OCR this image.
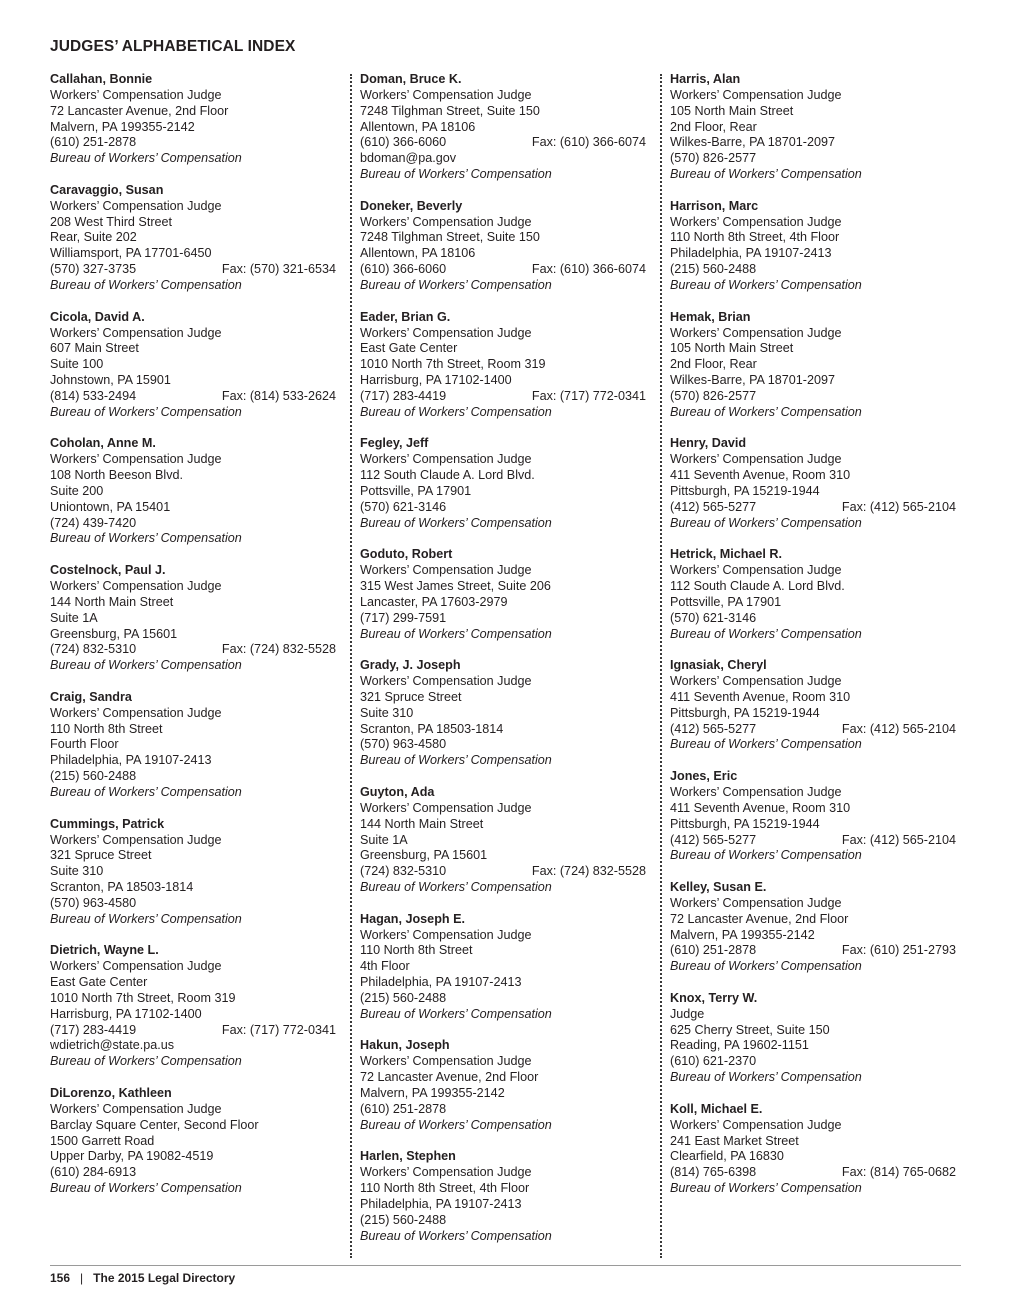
JUDGES’ ALPHABETICAL INDEX
Callahan, Bonnie
Workers’ Compensation Judge
72 Lancaster Avenue, 2nd Floor
Malvern, PA 199355-2142
(610) 251-2878
Bureau of Workers’ Compensation
Caravaggio, Susan
Workers’ Compensation Judge
208 West Third Street
Rear, Suite 202
Williamsport, PA 17701-6450
(570) 327-3735	Fax: (570) 321-6534
Bureau of Workers’ Compensation
Cicola, David A.
Workers’ Compensation Judge
607 Main Street
Suite 100
Johnstown, PA 15901
(814) 533-2494	Fax: (814) 533-2624
Bureau of Workers’ Compensation
Coholan, Anne M.
Workers’ Compensation Judge
108 North Beeson Blvd.
Suite 200
Uniontown, PA 15401
(724) 439-7420
Bureau of Workers’ Compensation
Costelnock, Paul J.
Workers’ Compensation Judge
144 North Main Street
Suite 1A
Greensburg, PA 15601
(724) 832-5310	Fax: (724) 832-5528
Bureau of Workers’ Compensation
Craig, Sandra
Workers’ Compensation Judge
110 North 8th Street
Fourth Floor
Philadelphia, PA 19107-2413
(215) 560-2488
Bureau of Workers’ Compensation
Cummings, Patrick
Workers’ Compensation Judge
321 Spruce Street
Suite 310
Scranton, PA 18503-1814
(570) 963-4580
Bureau of Workers’ Compensation
Dietrich, Wayne L.
Workers’ Compensation Judge
East Gate Center
1010 North 7th Street, Room 319
Harrisburg, PA 17102-1400
(717) 283-4419	Fax: (717) 772-0341
wdietrich@state.pa.us
Bureau of Workers’ Compensation
DiLorenzo, Kathleen
Workers’ Compensation Judge
Barclay Square Center, Second Floor
1500 Garrett Road
Upper Darby, PA 19082-4519
(610) 284-6913
Bureau of Workers’ Compensation
Doman, Bruce K.
Workers’ Compensation Judge
7248 Tilghman Street, Suite 150
Allentown, PA 18106
(610) 366-6060	Fax: (610) 366-6074
bdoman@pa.gov
Bureau of Workers’ Compensation
Doneker, Beverly
Workers’ Compensation Judge
7248 Tilghman Street, Suite 150
Allentown, PA 18106
(610) 366-6060	Fax: (610) 366-6074
Bureau of Workers’ Compensation
Eader, Brian G.
Workers’ Compensation Judge
East Gate Center
1010 North 7th Street, Room 319
Harrisburg, PA 17102-1400
(717) 283-4419	Fax: (717) 772-0341
Bureau of Workers’ Compensation
Fegley, Jeff
Workers’ Compensation Judge
112 South Claude A. Lord Blvd.
Pottsville, PA 17901
(570) 621-3146
Bureau of Workers’ Compensation
Goduto, Robert
Workers’ Compensation Judge
315 West James Street, Suite 206
Lancaster, PA 17603-2979
(717) 299-7591
Bureau of Workers’ Compensation
Grady, J. Joseph
Workers’ Compensation Judge
321 Spruce Street
Suite 310
Scranton, PA 18503-1814
(570) 963-4580
Bureau of Workers’ Compensation
Guyton, Ada
Workers’ Compensation Judge
144 North Main Street
Suite 1A
Greensburg, PA 15601
(724) 832-5310	Fax: (724) 832-5528
Bureau of Workers’ Compensation
Hagan, Joseph E.
Workers’ Compensation Judge
110 North 8th Street
4th Floor
Philadelphia, PA 19107-2413
(215) 560-2488
Bureau of Workers’ Compensation
Hakun, Joseph
Workers’ Compensation Judge
72 Lancaster Avenue, 2nd Floor
Malvern, PA 199355-2142
(610) 251-2878
Bureau of Workers’ Compensation
Harlen, Stephen
Workers’ Compensation Judge
110 North 8th Street, 4th Floor
Philadelphia, PA 19107-2413
(215) 560-2488
Bureau of Workers’ Compensation
Harris, Alan
Workers’ Compensation Judge
105 North Main Street
2nd Floor, Rear
Wilkes-Barre, PA 18701-2097
(570) 826-2577
Bureau of Workers’ Compensation
Harrison, Marc
Workers’ Compensation Judge
110 North 8th Street, 4th Floor
Philadelphia, PA 19107-2413
(215) 560-2488
Bureau of Workers’ Compensation
Hemak, Brian
Workers’ Compensation Judge
105 North Main Street
2nd Floor, Rear
Wilkes-Barre, PA 18701-2097
(570) 826-2577
Bureau of Workers’ Compensation
Henry, David
Workers’ Compensation Judge
411 Seventh Avenue, Room 310
Pittsburgh, PA 15219-1944
(412) 565-5277	Fax: (412) 565-2104
Bureau of Workers’ Compensation
Hetrick, Michael R.
Workers’ Compensation Judge
112 South Claude A. Lord Blvd.
Pottsville, PA 17901
(570) 621-3146
Bureau of Workers’ Compensation
Ignasiak, Cheryl
Workers’ Compensation Judge
411 Seventh Avenue, Room 310
Pittsburgh, PA 15219-1944
(412) 565-5277	Fax: (412) 565-2104
Bureau of Workers’ Compensation
Jones, Eric
Workers’ Compensation Judge
411 Seventh Avenue, Room 310
Pittsburgh, PA 15219-1944
(412) 565-5277	Fax: (412) 565-2104
Bureau of Workers’ Compensation
Kelley, Susan E.
Workers’ Compensation Judge
72 Lancaster Avenue, 2nd Floor
Malvern, PA 199355-2142
(610) 251-2878	Fax: (610) 251-2793
Bureau of Workers’ Compensation
Knox, Terry W.
Judge
625 Cherry Street, Suite 150
Reading, PA 19602-1151
(610) 621-2370
Bureau of Workers’ Compensation
Koll, Michael E.
Workers’ Compensation Judge
241 East Market Street
Clearfield, PA 16830
(814) 765-6398	Fax: (814) 765-0682
Bureau of Workers’ Compensation
156 | The 2015 Legal Directory
